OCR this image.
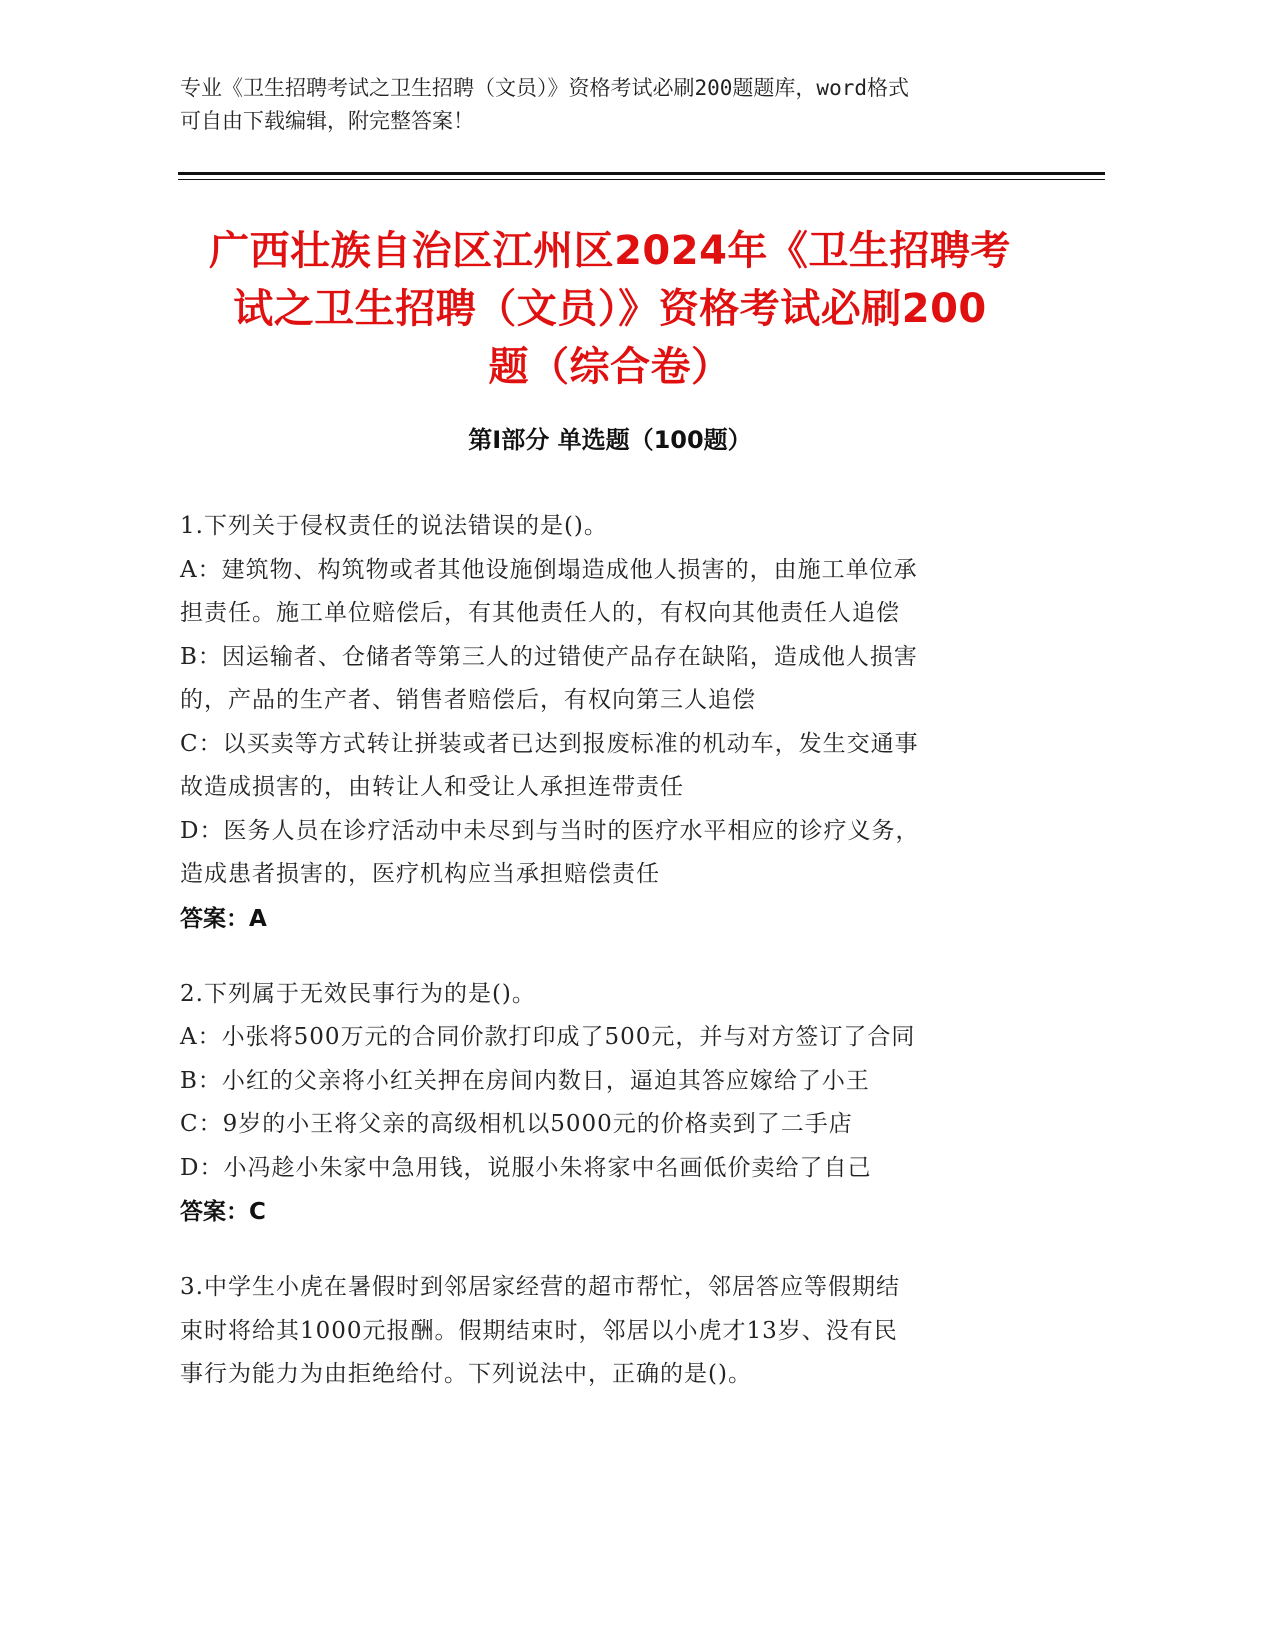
专业《卫生招聘考试之卫生招聘（文员）》资格考试必刷200题题库，word格式
可自由下载编辑，附完整答案！
广西壮族自治区江州区2024年《卫生招聘考
试之卫生招聘（文员）》资格考试必刷200
题（综合卷）
第Ⅰ部分 单选题（100题）
1.下列关于侵权责任的说法错误的是()。
A：建筑物、构筑物或者其他设施倒塌造成他人损害的，由施工单位承
担责任。施工单位赔偿后，有其他责任人的，有权向其他责任人追偿
B：因运输者、仓储者等第三人的过错使产品存在缺陷，造成他人损害
的，产品的生产者、销售者赔偿后，有权向第三人追偿
C：以买卖等方式转让拼装或者已达到报废标准的机动车，发生交通事
故造成损害的，由转让人和受让人承担连带责任
D：医务人员在诊疗活动中未尽到与当时的医疗水平相应的诊疗义务，
造成患者损害的，医疗机构应当承担赔偿责任
答案：A
2.下列属于无效民事行为的是()。
A：小张将500万元的合同价款打印成了500元，并与对方签订了合同
B：小红的父亲将小红关押在房间内数日，逼迫其答应嫁给了小王
C：9岁的小王将父亲的高级相机以5000元的价格卖到了二手店
D：小冯趁小朱家中急用钱，说服小朱将家中名画低价卖给了自己
答案：C
3.中学生小虎在暑假时到邻居家经营的超市帮忙，邻居答应等假期结
束时将给其1000元报酬。假期结束时，邻居以小虎才13岁、没有民
事行为能力为由拒绝给付。下列说法中，正确的是()。
